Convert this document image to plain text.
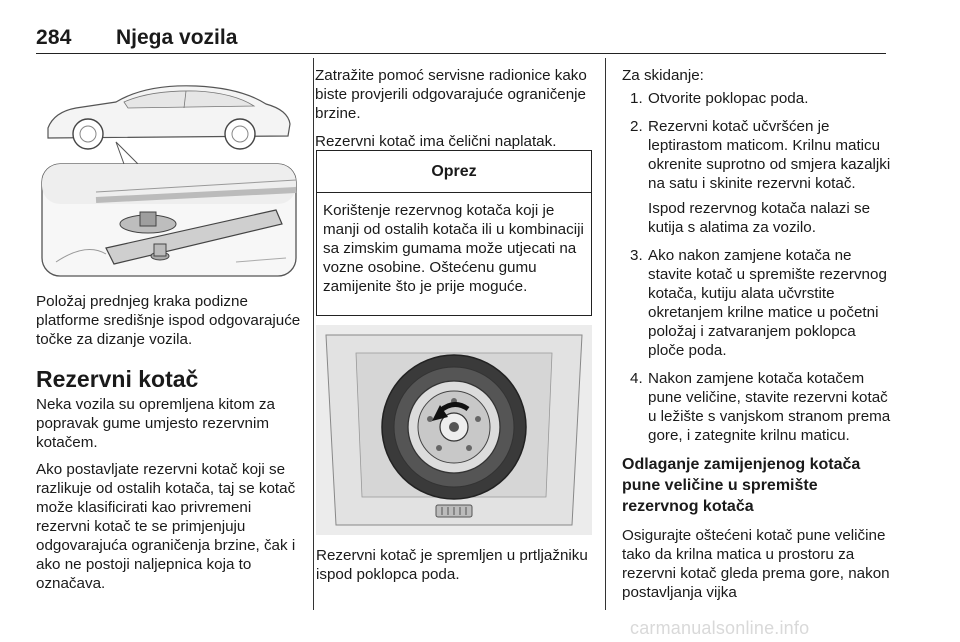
284 Njega vozila
Položaj prednjeg kraka podizne platforme središnje ispod odgovarajuće točke za dizanje vozila.
Rezervni kotač

Neka vozila su opremljena kitom za popravak gume umjesto rezervnim kotačem.

Ako postavljate rezervni kotač koji se razlikuje od ostalih kotača, taj se kotač može klasificirati kao privremeni rezervni kotač te se primjenjuju odgovarajuća ograničenja brzine, čak i ako ne postoji naljepnica koja to označava.

Zatražite pomoć servisne radionice kako biste provjerili odgovarajuće ograničenje brzine.

Rezervni kotač ima čelični naplatak.

Oprez
Korištenje rezervnog kotača koji je manji od ostalih kotača ili u kombinaciji sa zimskim gumama može utjecati na vozne osobine. Oštećenu gumu zamijenite što je prije moguće.
Rezervni kotač je spremljen u prtljažniku ispod poklopca poda.

Za skidanje:

1. Otvorite poklopac poda.
2. Rezervni kotač učvršćen je leptirastom maticom. Krilnu maticu okrenite suprotno od smjera kazaljki na satu i skinite rezervni kotač.
Ispod rezervnog kotača nalazi se kutija s alatima za vozilo.
3. Ako nakon zamjene kotača ne stavite kotač u spremište rezervnog kotača, kutiju alata učvrstite okretanjem krilne matice u početni položaj i zatvaranjem poklopca ploče poda.
4. Nakon zamjene kotača kotačem pune veličine, stavite rezervni kotač u ležište s vanjskom stranom prema gore, i zategnite krilnu maticu.
Odlaganje zamijenjenog kotača pune veličine u spremište rezervnog kotača

Osigurajte oštećeni kotač pune veličine tako da krilna matica u prostoru za rezervni kotač gleda prema gore, nakon postavljanja vijka

carmanualsonline.info
